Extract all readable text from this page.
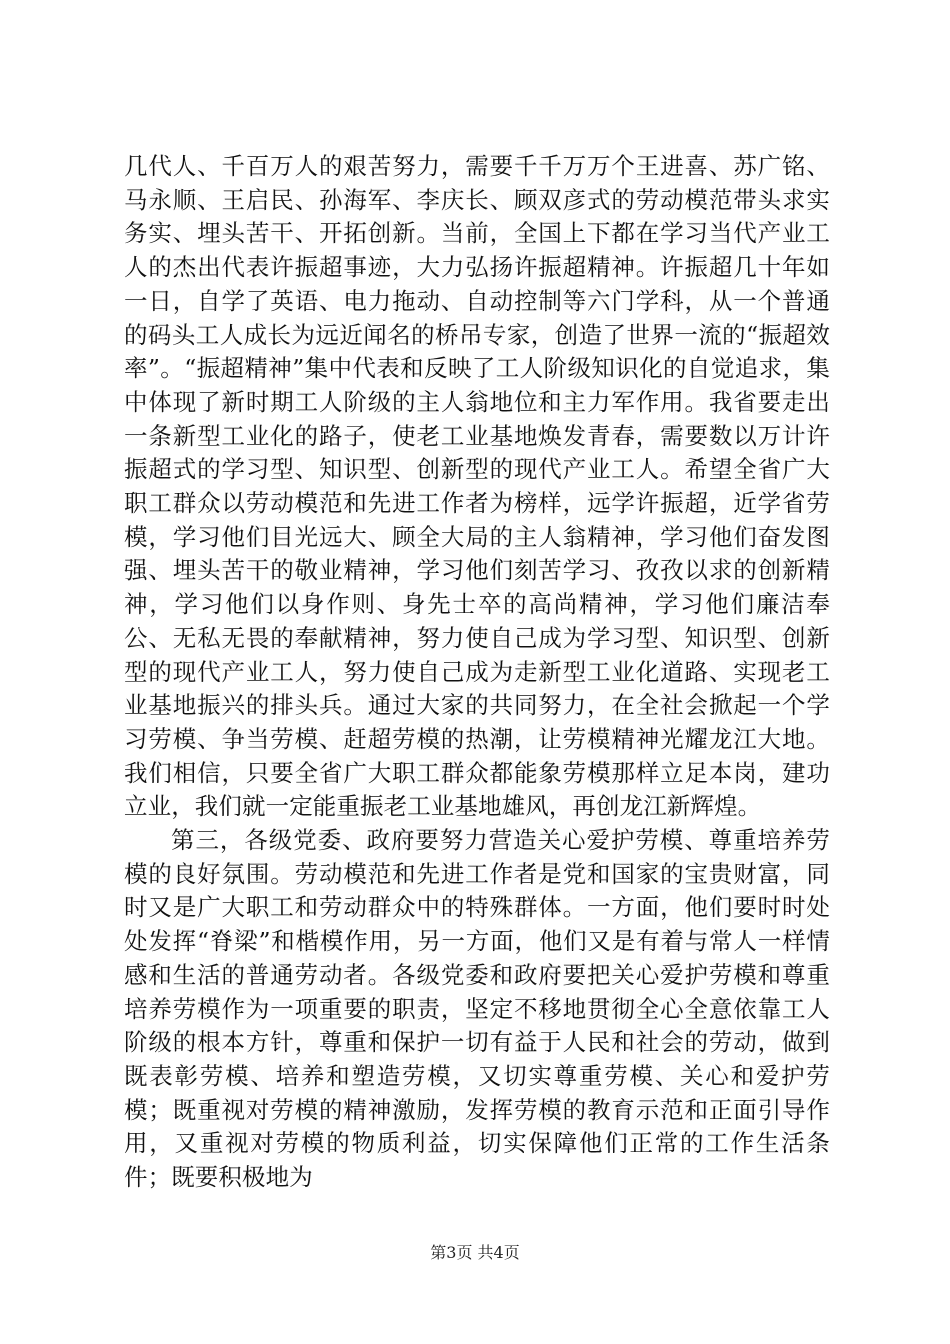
几代人、千百万人的艰苦努力，需要千千万万个王进喜、苏广铭、马永顺、王启民、孙海军、李庆长、顾双彦式的劳动模范带头求实务实、埋头苦干、开拓创新。当前，全国上下都在学习当代产业工人的杰出代表许振超事迹，大力弘扬许振超精神。许振超几十年如一日，自学了英语、电力拖动、自动控制等六门学科，从一个普通的码头工人成长为远近闻名的桥吊专家，创造了世界一流的“振超效率”。“振超精神”集中代表和反映了工人阶级知识化的自觉追求，集中体现了新时期工人阶级的主人翁地位和主力军作用。我省要走出一条新型工业化的路子，使老工业基地焕发青春，需要数以万计许振超式的学习型、知识型、创新型的现代产业工人。希望全省广大职工群众以劳动模范和先进工作者为榜样，远学许振超，近学省劳模，学习他们目光远大、顾全大局的主人翁精神，学习他们奋发图强、埋头苦干的敬业精神，学习他们刻苦学习、孜孜以求的创新精神，学习他们以身作则、身先士卒的高尚精神，学习他们廉洁奉公、无私无畏的奉献精神，努力使自己成为学习型、知识型、创新型的现代产业工人，努力使自己成为走新型工业化道路、实现老工业基地振兴的排头兵。通过大家的共同努力，在全社会掀起一个学习劳模、争当劳模、赶超劳模的热潮，让劳模精神光耀龙江大地。我们相信，只要全省广大职工群众都能象劳模那样立足本岗，建功立业，我们就一定能重振老工业基地雄风，再创龙江新辉煌。

第三，各级党委、政府要努力营造关心爱护劳模、尊重培养劳模的良好氛围。劳动模范和先进工作者是党和国家的宝贵财富，同时又是广大职工和劳动群众中的特殊群体。一方面，他们要时时处处发挥“脊梁”和楷模作用，另一方面，他们又是有着与常人一样情感和生活的普通劳动者。各级党委和政府要把关心爱护劳模和尊重培养劳模作为一项重要的职责，坚定不移地贯彻全心全意依靠工人阶级的根本方针，尊重和保护一切有益于人民和社会的劳动，做到既表彰劳模、培养和塑造劳模，又切实尊重劳模、关心和爱护劳模；既重视对劳模的精神激励，发挥劳模的教育示范和正面引导作用，又重视对劳模的物质利益，切实保障他们正常的工作生活条件；既要积极地为

第3页 共4页
